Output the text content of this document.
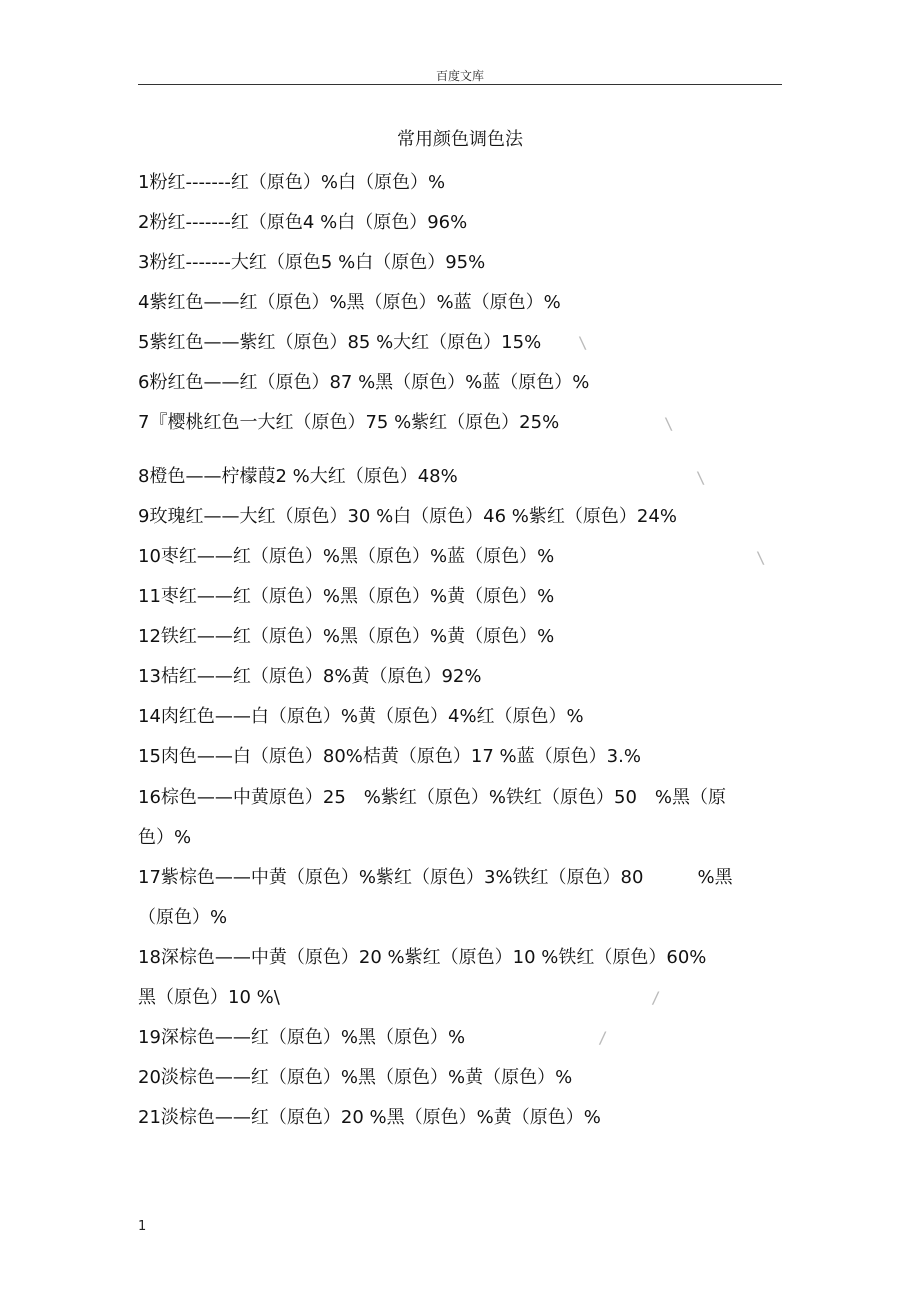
百度文库
常用颜色调色法
1粉红-------红（原色）%白（原色）%
2粉红-------红（原色4 %白（原色）96%
3粉红-------大红（原色5 %白（原色）95%
4紫红色——红（原色）%黑（原色）%蓝（原色）%
5紫红色——紫红（原色）85 %大红（原色）15%
6粉红色——红（原色）87 %黑（原色）%蓝（原色）%
7『樱桃红色一大红（原色）75 %紫红（原色）25%
8橙色——柠檬葭2 %大红（原色）48%
9玫瑰红——大红（原色）30 %白（原色）46 %紫红（原色）24%
10枣红——红（原色）%黑（原色）%蓝（原色）%
11枣红——红（原色）%黑（原色）%黄（原色）%
12铁红——红（原色）%黑（原色）%黄（原色）%
13桔红——红（原色）8%黄（原色）92%
14肉红色——白（原色）%黄（原色）4%红（原色）%
15肉色——白（原色）80%桔黄（原色）17 %蓝（原色）3.%
16棕色——中黄原色）25　%紫红（原色）%铁红（原色）50　%黑（原
色）%
17紫棕色——中黄（原色）%紫红（原色）3%铁红（原色）80　　　%黑
（原色）%
18深棕色——中黄（原色）20 %紫红（原色）10 %铁红（原色）60%
黑（原色）10 %\
19深棕色——红（原色）%黑（原色）%
20淡棕色——红（原色）%黑（原色）%黄（原色）%
21淡棕色——红（原色）20 %黑（原色）%黄（原色）%
\
\
\
\
/
/
1
